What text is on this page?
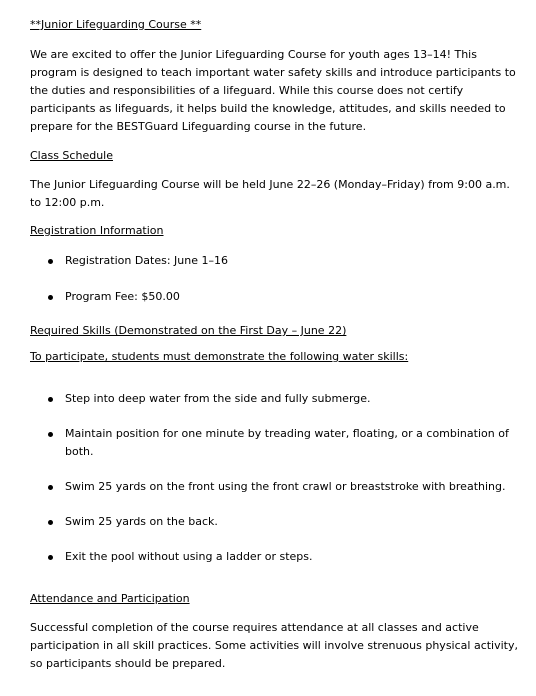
**Junior Lifeguarding Course **

We are excited to offer the Junior Lifeguarding Course for youth ages 13–14! This program is designed to teach important water safety skills and introduce participants to the duties and responsibilities of a lifeguard. While this course does not certify participants as lifeguards, it helps build the knowledge, attitudes, and skills needed to prepare for the BESTGuard Lifeguarding course in the future.

Class Schedule

The Junior Lifeguarding Course will be held June 22–26 (Monday–Friday) from 9:00 a.m. to 12:00 p.m.

Registration Information

Registration Dates: June 1–16
Program Fee: $50.00

Required Skills (Demonstrated on the First Day – June 22)

To participate, students must demonstrate the following water skills:

Step into deep water from the side and fully submerge.
Maintain position for one minute by treading water, floating, or a combination of both.
Swim 25 yards on the front using the front crawl or breaststroke with breathing.
Swim 25 yards on the back.
Exit the pool without using a ladder or steps.

Attendance and Participation

Successful completion of the course requires attendance at all classes and active participation in all skill practices. Some activities will involve strenuous physical activity, so participants should be prepared.
